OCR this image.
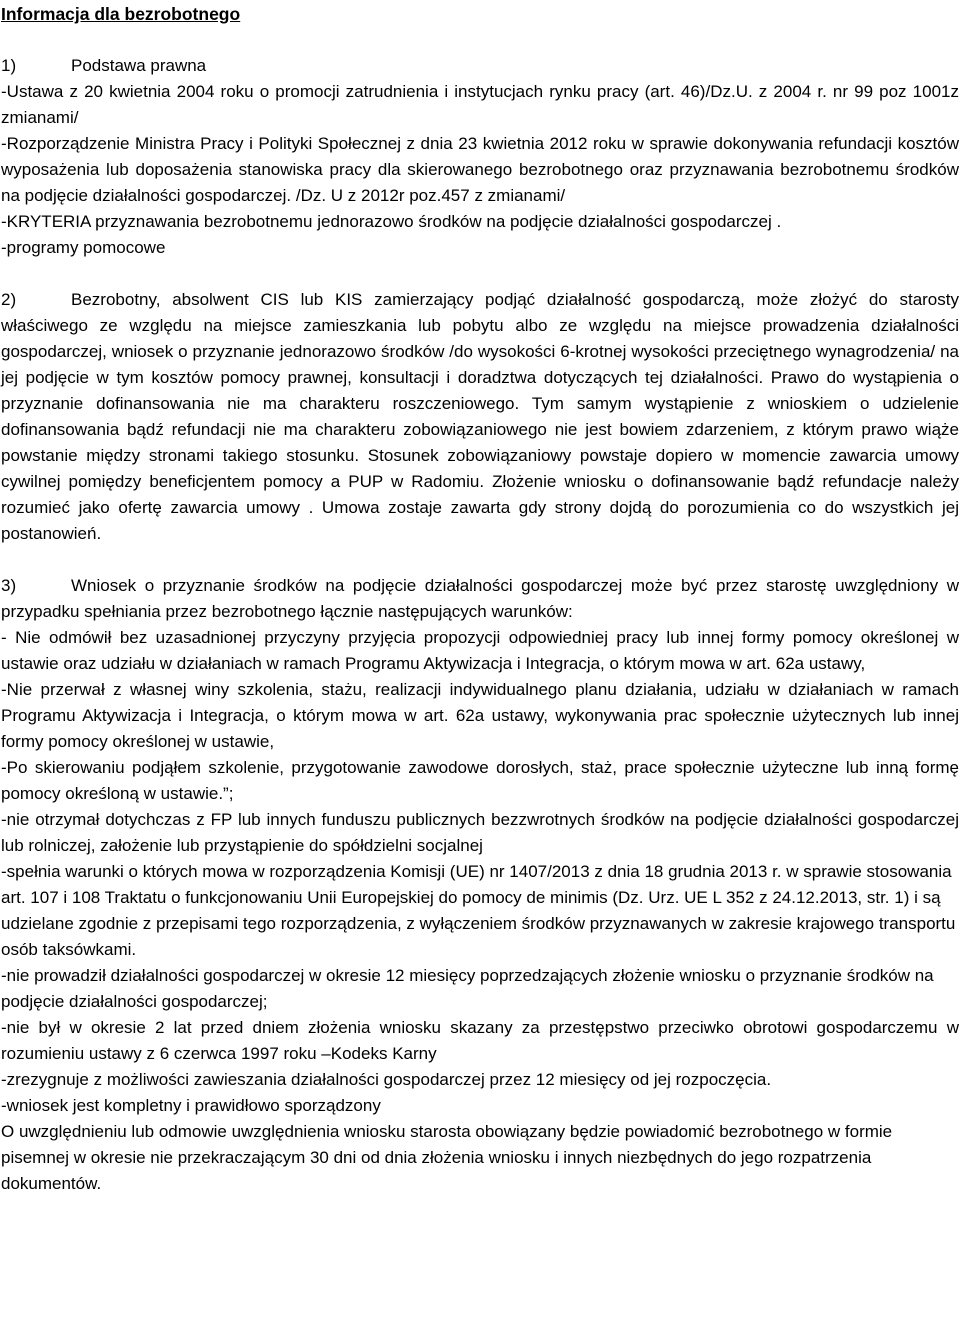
Informacja dla bezrobotnego

1)	Podstawa prawna

-Ustawa z 20 kwietnia 2004 roku o promocji zatrudnienia i instytucjach rynku pracy (art. 46)/Dz.U. z 2004 r. nr 99 poz 1001z zmianami/

-Rozporządzenie Ministra Pracy i Polityki Społecznej z dnia 23 kwietnia 2012 roku w sprawie dokonywania refundacji kosztów wyposażenia lub doposażenia stanowiska pracy dla skierowanego bezrobotnego oraz przyznawania bezrobotnemu środków na podjęcie działalności gospodarczej. /Dz. U z 2012r poz.457 z zmianami/

-KRYTERIA przyznawania bezrobotnemu jednorazowo środków na podjęcie działalności gospodarczej .

-programy pomocowe

2)	Bezrobotny, absolwent CIS lub KIS zamierzający podjąć działalność gospodarczą, może złożyć do starosty właściwego ze względu na miejsce zamieszkania lub pobytu albo ze względu na miejsce prowadzenia działalności gospodarczej, wniosek o przyznanie jednorazowo środków /do wysokości 6-krotnej wysokości przeciętnego wynagrodzenia/ na jej podjęcie w tym kosztów pomocy prawnej, konsultacji i doradztwa dotyczących tej działalności. Prawo do wystąpienia o przyznanie dofinansowania nie ma charakteru roszczeniowego. Tym samym wystąpienie z wnioskiem o udzielenie dofinansowania bądź refundacji nie ma charakteru zobowiązaniowego nie jest bowiem zdarzeniem, z którym prawo wiąże powstanie między stronami takiego stosunku. Stosunek zobowiązaniowy powstaje dopiero w momencie zawarcia umowy cywilnej pomiędzy beneficjentem pomocy a PUP w Radomiu. Złożenie wniosku o dofinansowanie bądź refundacje należy rozumieć jako ofertę zawarcia umowy . Umowa zostaje zawarta gdy strony dojdą do porozumienia co do wszystkich jej postanowień.

3)	Wniosek o przyznanie środków na podjęcie działalności gospodarczej może być przez starostę uwzględniony w przypadku spełniania przez bezrobotnego łącznie następujących warunków:

- Nie odmówił bez uzasadnionej przyczyny przyjęcia propozycji odpowiedniej pracy lub innej formy pomocy określonej w ustawie oraz udziału w działaniach w ramach Programu Aktywizacja i Integracja, o którym mowa w art. 62a ustawy,

-Nie przerwał z własnej winy szkolenia, stażu, realizacji indywidualnego planu działania, udziału w działaniach w ramach Programu Aktywizacja i Integracja, o którym mowa w art. 62a ustawy, wykonywania prac społecznie użytecznych lub innej formy pomocy określonej w ustawie,

-Po skierowaniu podjąłem szkolenie, przygotowanie zawodowe dorosłych, staż, prace społecznie użyteczne lub inną formę pomocy określoną w ustawie.”;

-nie otrzymał dotychczas z FP lub innych funduszu publicznych bezzwrotnych środków na podjęcie działalności gospodarczej lub rolniczej, założenie lub przystąpienie do spółdzielni socjalnej

-spełnia warunki o których mowa w rozporządzenia Komisji (UE) nr 1407/2013 z dnia 18 grudnia 2013 r. w sprawie stosowania art. 107 i 108 Traktatu o funkcjonowaniu Unii Europejskiej do pomocy de minimis (Dz. Urz. UE L 352 z 24.12.2013, str. 1) i są udzielane zgodnie z przepisami tego rozporządzenia, z wyłączeniem środków przyznawanych w zakresie krajowego transportu osób taksówkami.

-nie prowadził działalności gospodarczej w okresie 12 miesięcy poprzedzających złożenie wniosku o przyznanie środków na podjęcie działalności gospodarczej;

-nie był w okresie 2 lat przed dniem złożenia wniosku skazany za przestępstwo przeciwko obrotowi gospodarczemu w rozumieniu ustawy z 6 czerwca 1997 roku –Kodeks Karny

-zrezygnuje z możliwości zawieszania działalności gospodarczej przez 12 miesięcy od jej rozpoczęcia.

-wniosek jest kompletny i prawidłowo sporządzony

O uwzględnieniu lub odmowie uwzględnienia wniosku starosta obowiązany będzie powiadomić bezrobotnego w formie pisemnej w okresie nie przekraczającym 30 dni od dnia złożenia wniosku i innych niezbędnych do jego rozpatrzenia dokumentów.
